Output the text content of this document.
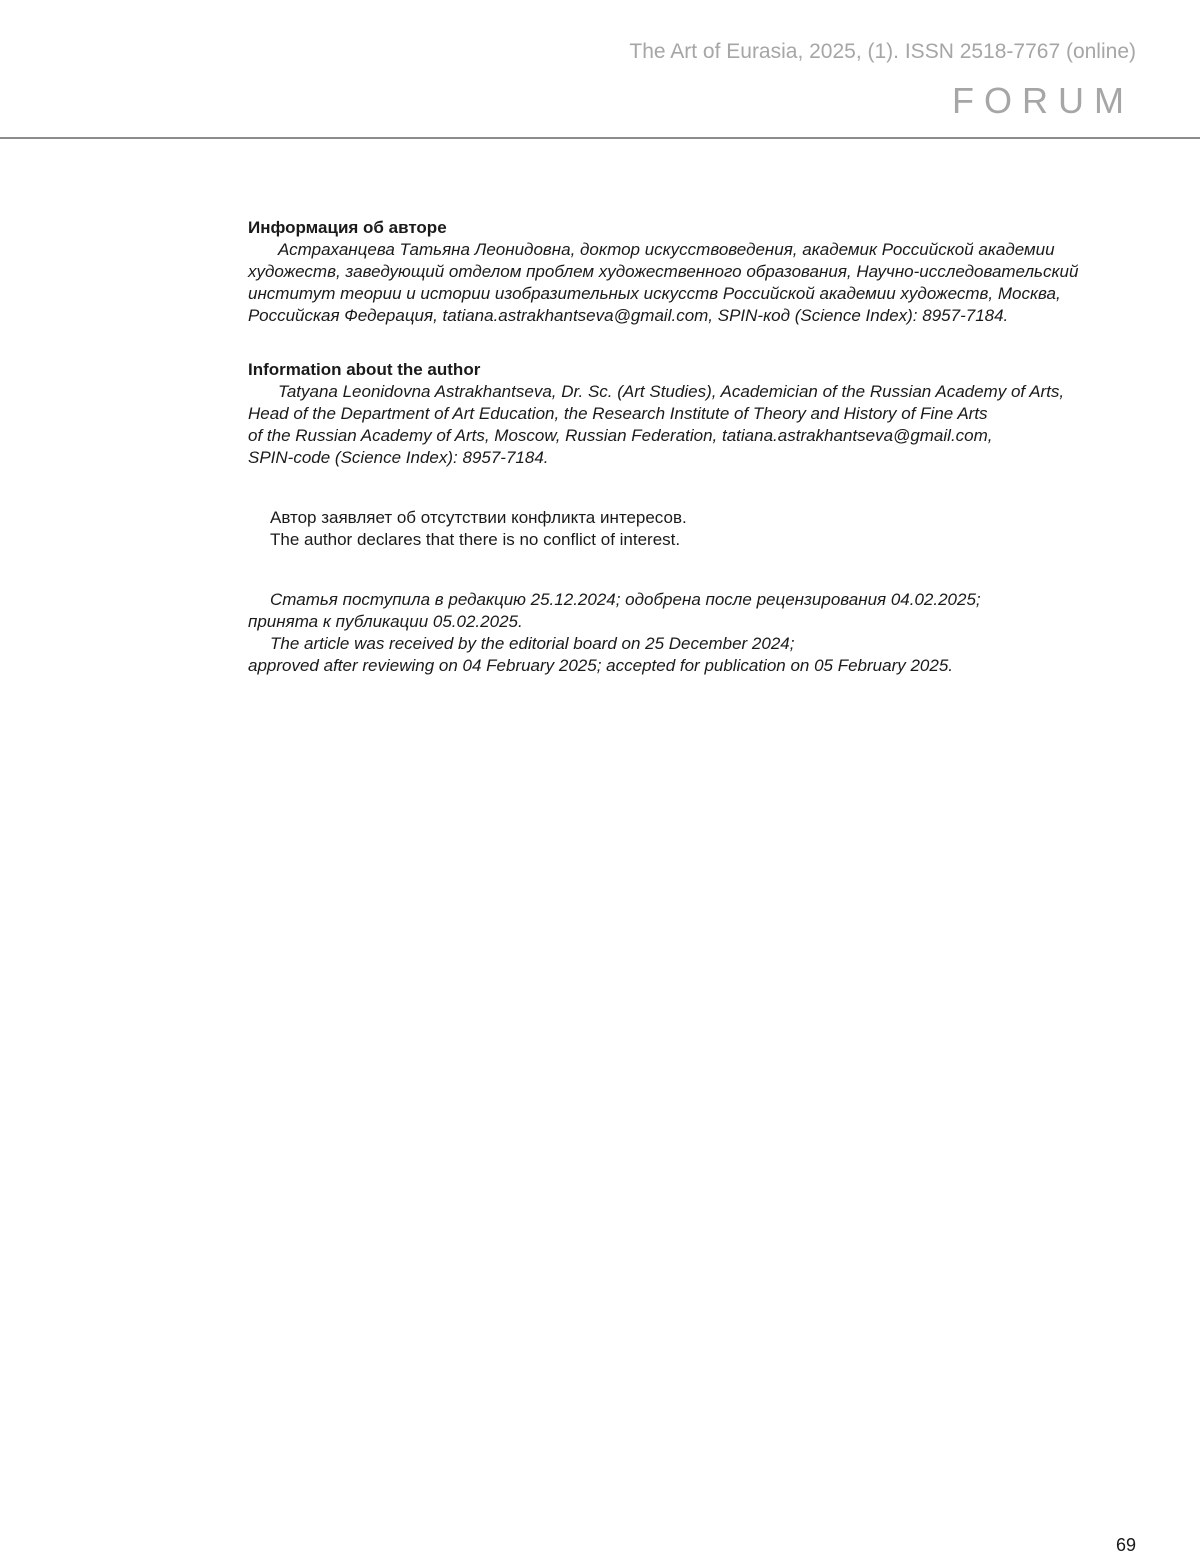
The Art of Eurasia, 2025, (1). ISSN 2518-7767 (online)
FORUM

Информация об авторе

Астраханцева Татьяна Леонидовна, доктор искусствоведения, академик Российской академии
художеств, заведующий отделом проблем художественного образования, Научно-исследовательский
институт теории и истории изобразительных искусств Российской академии художеств, Москва,
Российская Федерация, tatiana.astrakhantseva@gmail.com, SPIN-код (Science Index): 8957-7184.

Information about the author

Tatyana Leonidovna Astrakhantseva, Dr. Sc. (Art Studies), Academician of the Russian Academy of Arts,
Head of the Department of Art Education, the Research Institute of Theory and History of Fine Arts
of the Russian Academy of Arts, Moscow, Russian Federation, tatiana.astrakhantseva@gmail.com,
SPIN-code (Science Index): 8957-7184.

Автор заявляет об отсутствии конфликта интересов.

The author declares that there is no conflict of interest.

Статья поступила в редакцию 25.12.2024; одобрена после рецензирования 04.02.2025;
принята к публикации 05.02.2025.

The article was received by the editorial board on 25 December 2024;
approved after reviewing on 04 February 2025; accepted for publication on 05 February 2025.

69
